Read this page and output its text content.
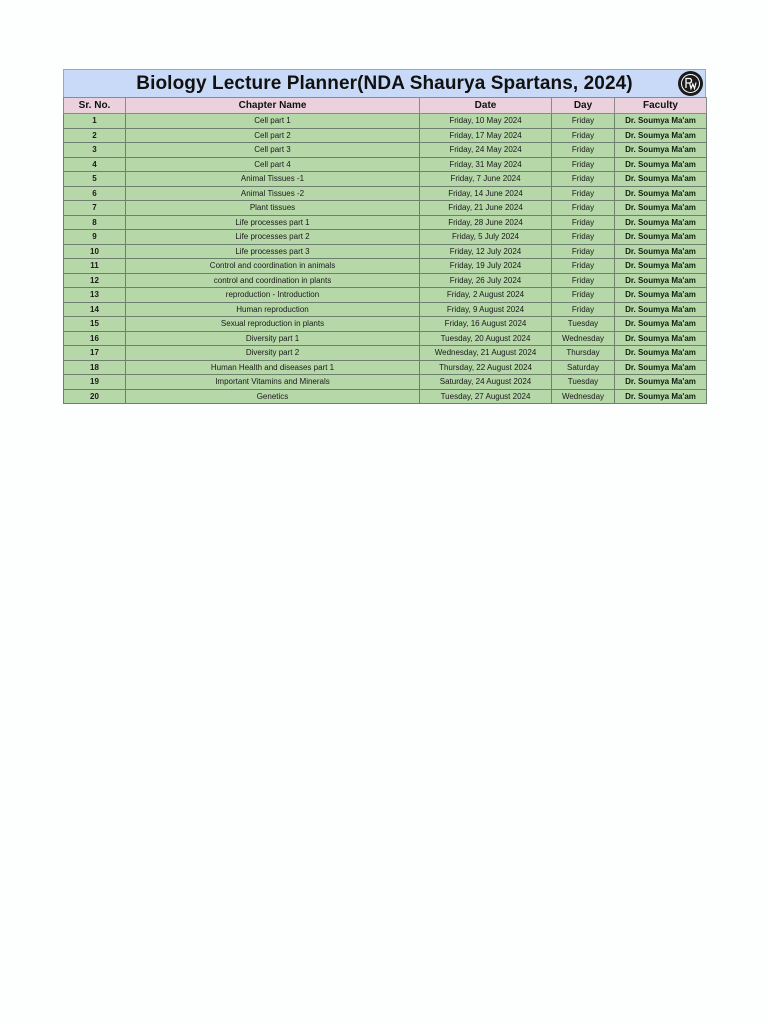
Biology Lecture Planner(NDA Shaurya Spartans, 2024)
Sr. No.	Chapter Name	Date	Day	Faculty
1	Cell part 1	Friday, 10 May 2024	Friday	Dr. Soumya Ma'am
2	Cell part 2	Friday, 17 May 2024	Friday	Dr. Soumya Ma'am
3	Cell part 3	Friday, 24 May 2024	Friday	Dr. Soumya Ma'am
4	Cell part 4	Friday, 31 May 2024	Friday	Dr. Soumya Ma'am
5	Animal Tissues -1	Friday, 7 June 2024	Friday	Dr. Soumya Ma'am
6	Animal Tissues -2	Friday, 14 June 2024	Friday	Dr. Soumya Ma'am
7	Plant tissues	Friday, 21 June 2024	Friday	Dr. Soumya Ma'am
8	Life processes part 1	Friday, 28 June 2024	Friday	Dr. Soumya Ma'am
9	Life processes part 2	Friday, 5 July 2024	Friday	Dr. Soumya Ma'am
10	Life processes part 3	Friday, 12 July 2024	Friday	Dr. Soumya Ma'am
11	Control and coordination in animals	Friday, 19 July 2024	Friday	Dr. Soumya Ma'am
12	control and coordination in plants	Friday, 26 July 2024	Friday	Dr. Soumya Ma'am
13	reproduction - Introduction	Friday, 2 August 2024	Friday	Dr. Soumya Ma'am
14	Human reproduction	Friday, 9 August 2024	Friday	Dr. Soumya Ma'am
15	Sexual reproduction in plants	Friday, 16 August 2024	Tuesday	Dr. Soumya Ma'am
16	Diversity part 1	Tuesday, 20 August 2024	Wednesday	Dr. Soumya Ma'am
17	Diversity part 2	Wednesday, 21 August 2024	Thursday	Dr. Soumya Ma'am
18	Human Health and diseases part 1	Thursday, 22 August 2024	Saturday	Dr. Soumya Ma'am
19	Important Vitamins and Minerals	Saturday, 24 August 2024	Tuesday	Dr. Soumya Ma'am
20	Genetics	Tuesday, 27 August 2024	Wednesday	Dr. Soumya Ma'am
